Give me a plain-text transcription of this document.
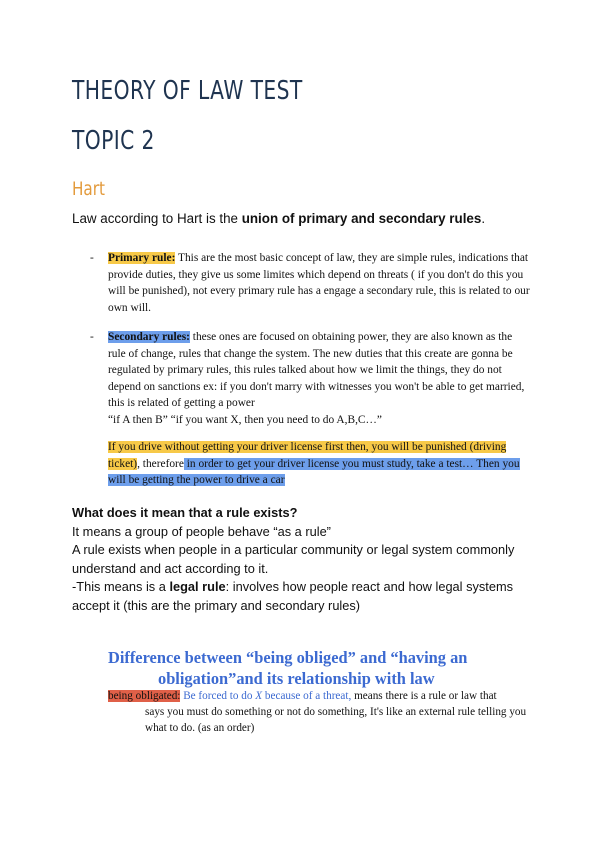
THEORY OF LAW TEST
TOPIC 2
Hart
Law according to Hart is the union of primary and secondary rules.
- Primary rule: This are the most basic concept of law, they are simple rules, indications that provide duties, they give us some limites which depend on threats ( if you don't do this you will be punished), not every primary rule has a engage a secondary rule, this is related to our own will.
- Secondary rules: these ones are focused on obtaining power, they are also known as the rule of change, rules that change the system. The new duties that this create are gonna be regulated by primary rules, this rules talked about how we limit the things, they do not depend on sanctions ex: if you don't marry with witnesses you won't be able to get married, this is related of getting a power
“if A then B” “if you want X, then you need to do A,B,C…”
If you drive without getting your driver license first then, you will be punished (driving ticket), therefore in order to get your driver license you must study, take a test… Then you will be getting the power to drive a car

What does it mean that a rule exists?

It means a group of people behave “as a rule”

A rule exists when people in a particular community or legal system commonly understand and act according to it.

-This means is a legal rule: involves how people react and how legal systems accept it (this are the primary and secondary rules)

Difference between “being obliged” and “having an
obligation”and its relationship with law
being obligated: Be forced to do X because of a threat, means there is a rule or law that
says you must do something or not do something, It's like an external rule telling you what to do. (as an order)
